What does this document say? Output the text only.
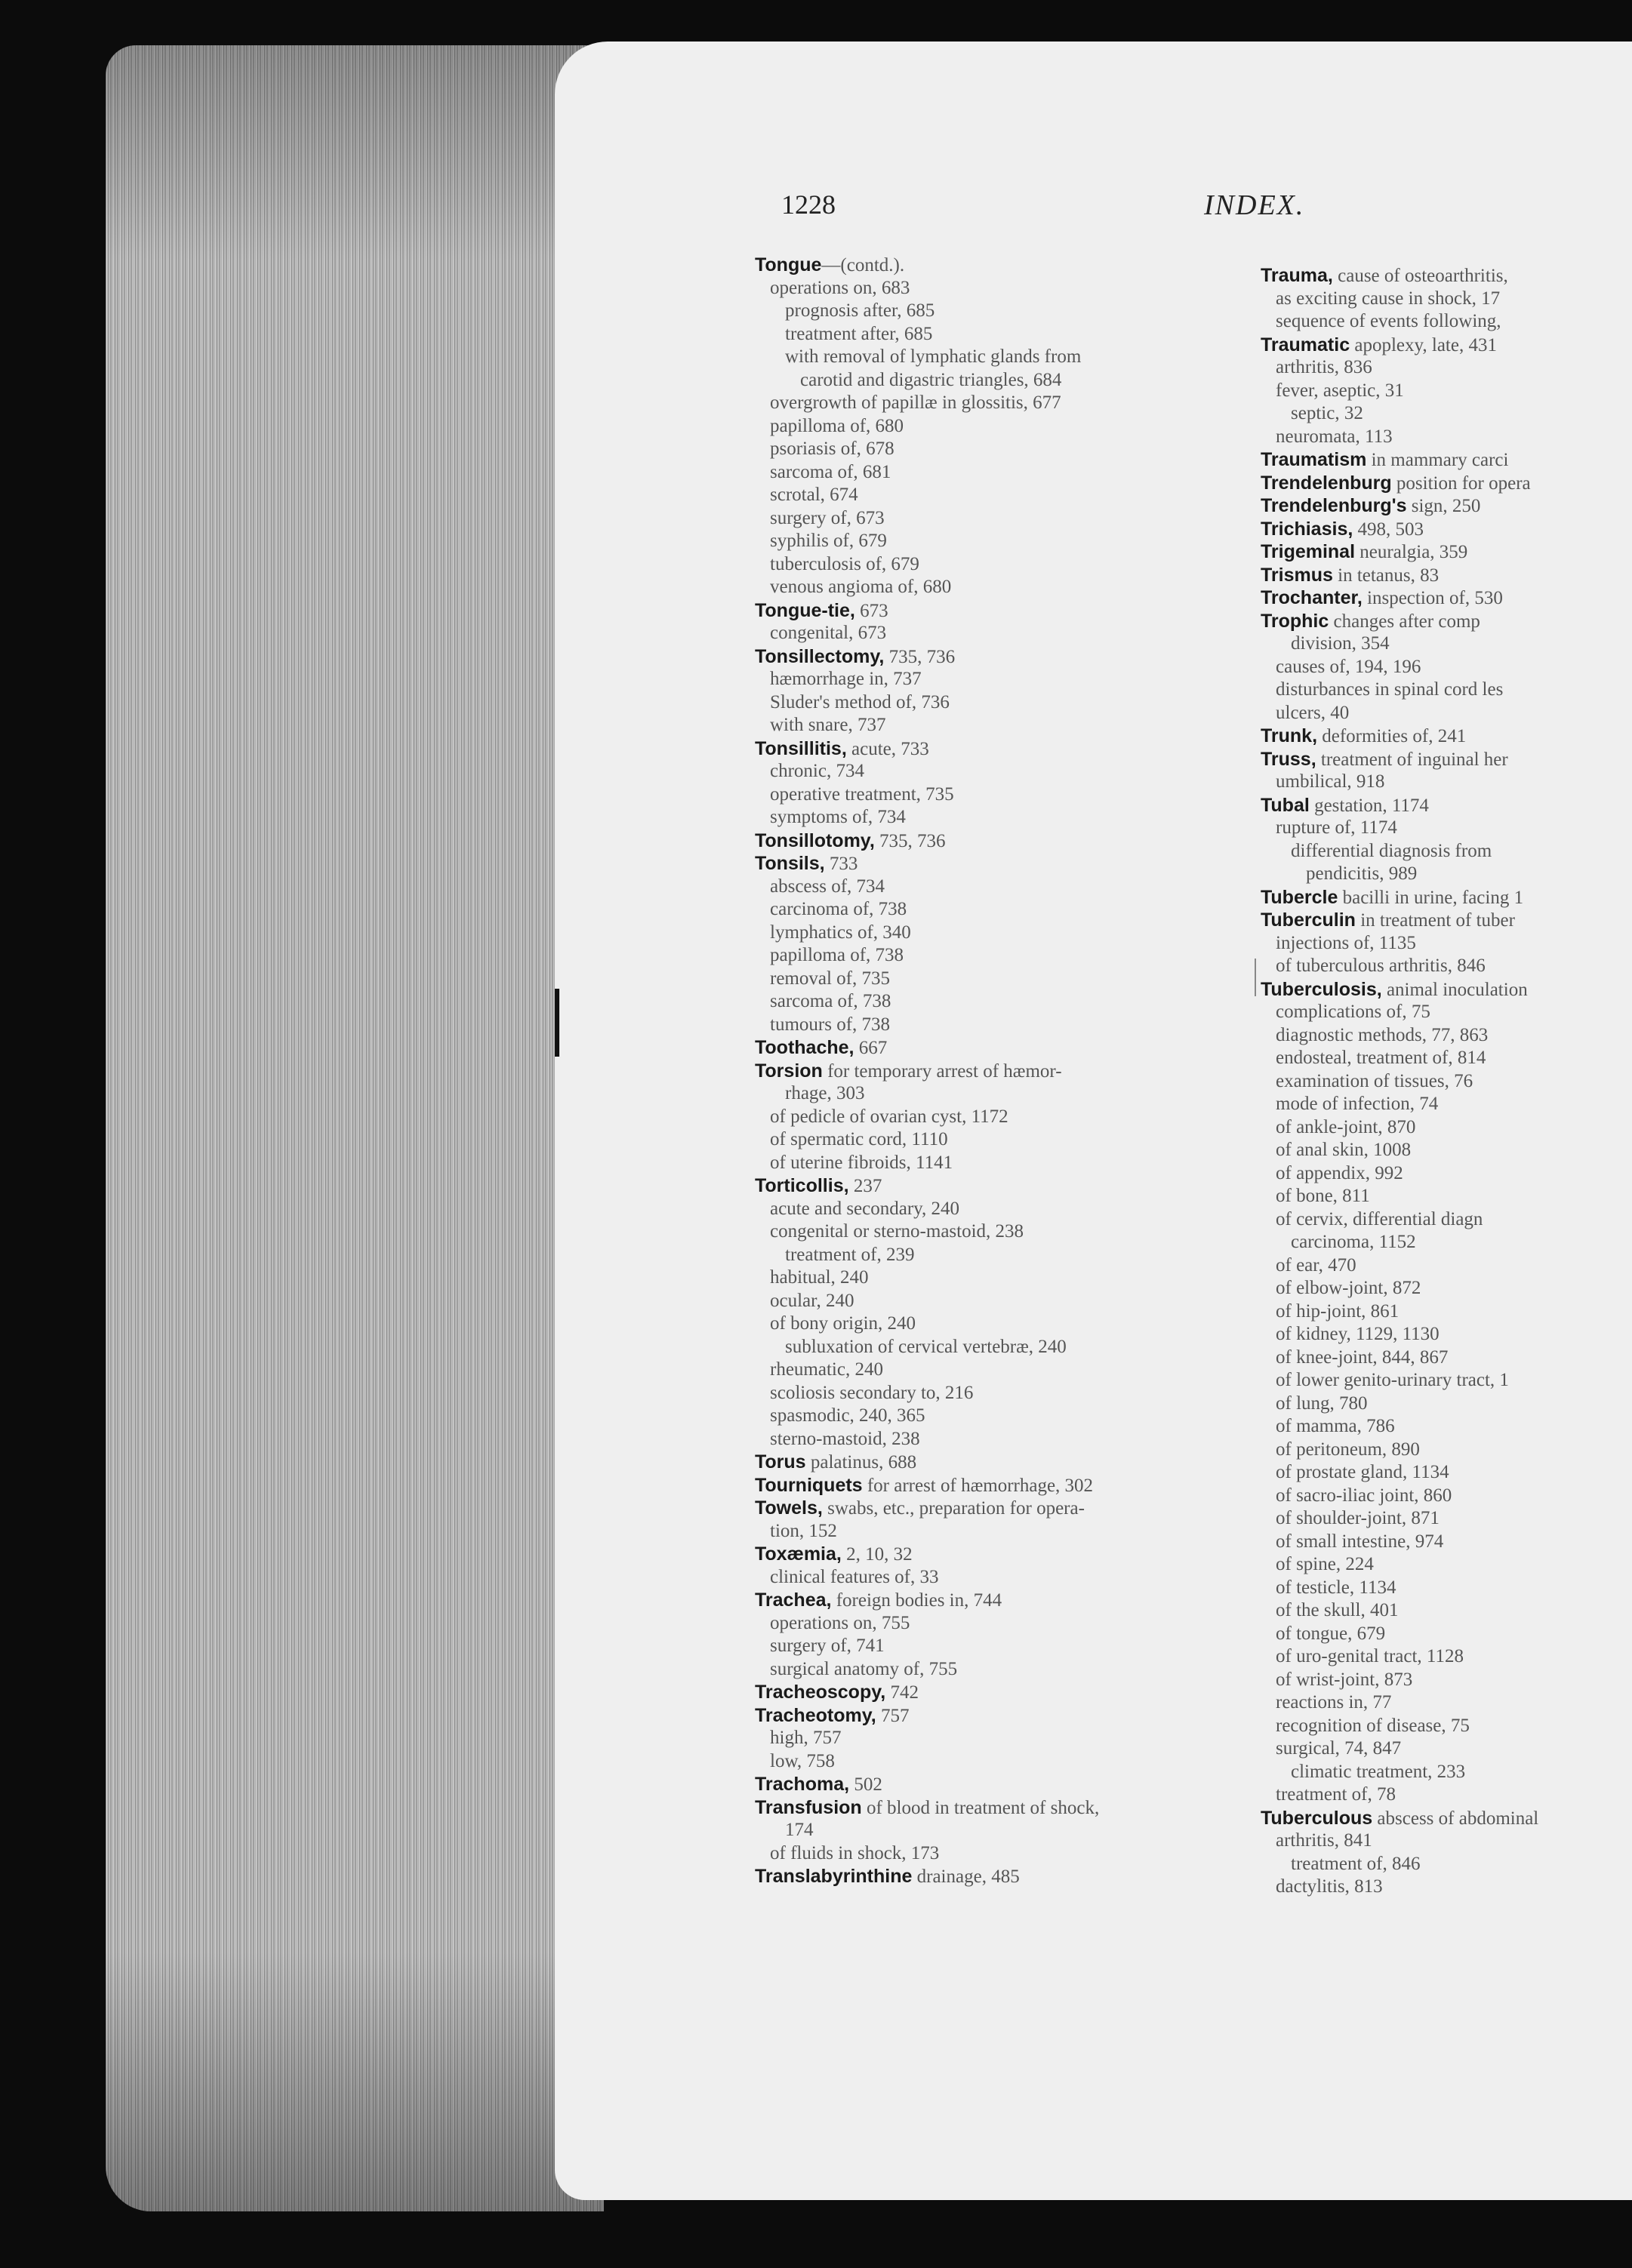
1228	INDEX.
Tongue—(contd.).
operations on, 683
prognosis after, 685
treatment after, 685
with removal of lymphatic glands from
carotid and digastric triangles, 684
overgrowth of papillæ in glossitis, 677
papilloma of, 680
psoriasis of, 678
sarcoma of, 681
scrotal, 674
surgery of, 673
syphilis of, 679
tuberculosis of, 679
venous angioma of, 680
Tongue-tie, 673
congenital, 673
Tonsillectomy, 735, 736
hæmorrhage in, 737
Sluder's method of, 736
with snare, 737
Tonsillitis, acute, 733
chronic, 734
operative treatment, 735
symptoms of, 734
Tonsillotomy, 735, 736
Tonsils, 733
abscess of, 734
carcinoma of, 738
lymphatics of, 340
papilloma of, 738
removal of, 735
sarcoma of, 738
tumours of, 738
Toothache, 667
Torsion for temporary arrest of hæmor-
rhage, 303
of pedicle of ovarian cyst, 1172
of spermatic cord, 1110
of uterine fibroids, 1141
Torticollis, 237
acute and secondary, 240
congenital or sterno-mastoid, 238
treatment of, 239
habitual, 240
ocular, 240
of bony origin, 240
subluxation of cervical vertebræ, 240
rheumatic, 240
scoliosis secondary to, 216
spasmodic, 240, 365
sterno-mastoid, 238
Torus palatinus, 688
Tourniquets for arrest of hæmorrhage, 302
Towels, swabs, etc., preparation for opera-
tion, 152
Toxæmia, 2, 10, 32
clinical features of, 33
Trachea, foreign bodies in, 744
operations on, 755
surgery of, 741
surgical anatomy of, 755
Tracheoscopy, 742
Tracheotomy, 757
high, 757
low, 758
Trachoma, 502
Transfusion of blood in treatment of shock,
174
of fluids in shock, 173
Translabyrinthine drainage, 485
Trauma, cause of osteoarthritis,
as exciting cause in shock, 17
sequence of events following,
Traumatic apoplexy, late, 431
arthritis, 836
fever, aseptic, 31
septic, 32
neuromata, 113
Traumatism in mammary carci
Trendelenburg position for opera
Trendelenburg's sign, 250
Trichiasis, 498, 503
Trigeminal neuralgia, 359
Trismus in tetanus, 83
Trochanter, inspection of, 530
Trophic changes after comp
division, 354
causes of, 194, 196
disturbances in spinal cord les
ulcers, 40
Trunk, deformities of, 241
Truss, treatment of inguinal her
umbilical, 918
Tubal gestation, 1174
rupture of, 1174
differential diagnosis from
pendicitis, 989
Tubercle bacilli in urine, facing 1
Tuberculin in treatment of tuber
injections of, 1135
of tuberculous arthritis, 846
Tuberculosis, animal inoculation
complications of, 75
diagnostic methods, 77, 863
endosteal, treatment of, 814
examination of tissues, 76
mode of infection, 74
of ankle-joint, 870
of anal skin, 1008
of appendix, 992
of bone, 811
of cervix, differential diagn
carcinoma, 1152
of ear, 470
of elbow-joint, 872
of hip-joint, 861
of kidney, 1129, 1130
of knee-joint, 844, 867
of lower genito-urinary tract, 1
of lung, 780
of mamma, 786
of peritoneum, 890
of prostate gland, 1134
of sacro-iliac joint, 860
of shoulder-joint, 871
of small intestine, 974
of spine, 224
of testicle, 1134
of the skull, 401
of tongue, 679
of uro-genital tract, 1128
of wrist-joint, 873
reactions in, 77
recognition of disease, 75
surgical, 74, 847
climatic treatment, 233
treatment of, 78
Tuberculous abscess of abdominal
arthritis, 841
treatment of, 846
dactylitis, 813
